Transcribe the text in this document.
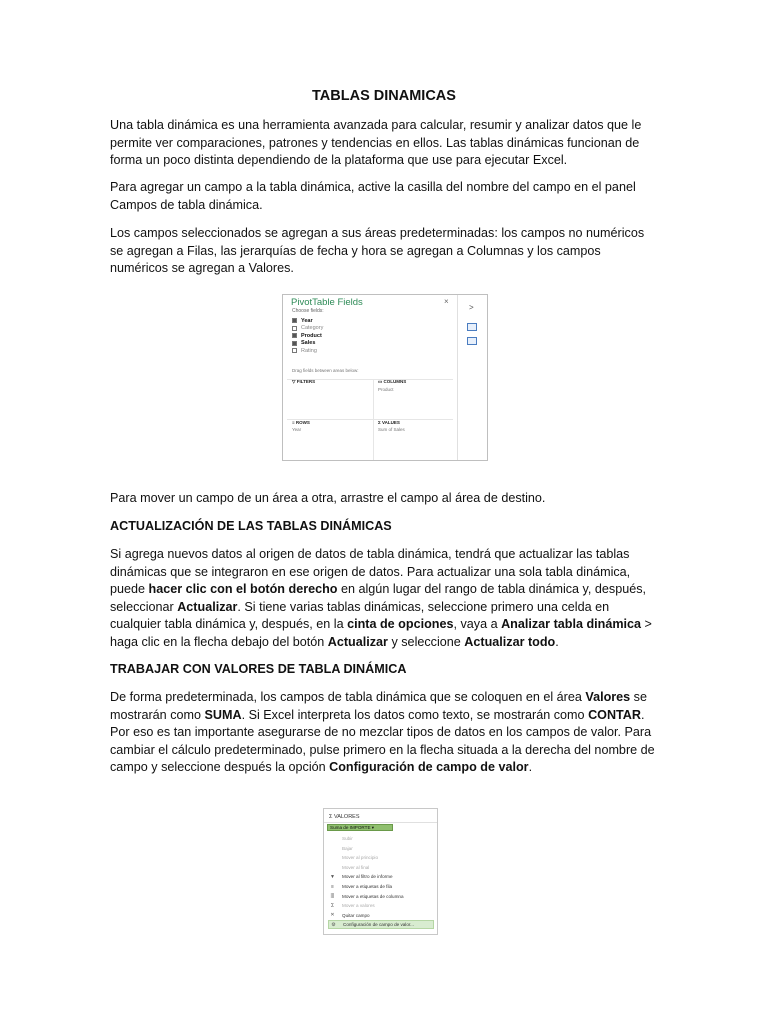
TABLAS DINAMICAS

Una tabla dinámica es una herramienta avanzada para calcular, resumir y analizar datos que le permite ver comparaciones, patrones y tendencias en ellos. Las tablas dinámicas funcionan de forma un poco distinta dependiendo de la plataforma que use para ejecutar Excel.

Para agregar un campo a la tabla dinámica, active la casilla del nombre del campo en el panel Campos de tabla dinámica.

Los campos seleccionados se agregan a sus áreas predeterminadas: los campos no numéricos se agregan a Filas, las jerarquías de fecha y hora se agregan a Columnas y los campos numéricos se agregan a Valores.

Para mover un campo de un área a otra, arrastre el campo al área de destino.

ACTUALIZACIÓN DE LAS TABLAS DINÁMICAS

Si agrega nuevos datos al origen de datos de tabla dinámica, tendrá que actualizar las tablas dinámicas que se integraron en ese origen de datos. Para actualizar una sola tabla dinámica, puede hacer clic con el botón derecho en algún lugar del rango de tabla dinámica y, después, seleccionar Actualizar. Si tiene varias tablas dinámicas, seleccione primero una celda en cualquier tabla dinámica y, después, en la cinta de opciones, vaya a Analizar tabla dinámica > haga clic en la flecha debajo del botón Actualizar y seleccione Actualizar todo.

TRABAJAR CON VALORES DE TABLA DINÁMICA

De forma predeterminada, los campos de tabla dinámica que se coloquen en el área Valores se mostrarán como SUMA. Si Excel interpreta los datos como texto, se mostrarán como CONTAR. Por eso es tan importante asegurarse de no mezclar tipos de datos en los campos de valor. Para cambiar el cálculo predeterminado, pulse primero en la flecha situada a la derecha del nombre de campo y seleccione después la opción Configuración de campo de valor.

PivotTable Fields	×
Choose fields:
Year
Category
Product
Sales
Rating
Drag fields between areas below:
▽ FILTERS	▭ COLUMNS
Product
≡ ROWS
Year
Σ VALUES
Sum of Sales
>
Σ VALORES
Suma de IMPORTE ▾
Subir
Bajar
Mover al principio
Mover al final
▼	Mover al filtro de informe
≡	Mover a etiquetas de fila
|||	Mover a etiquetas de columna
Σ	Mover a valores
✕	Quitar campo
⚙	Configuración de campo de valor...
